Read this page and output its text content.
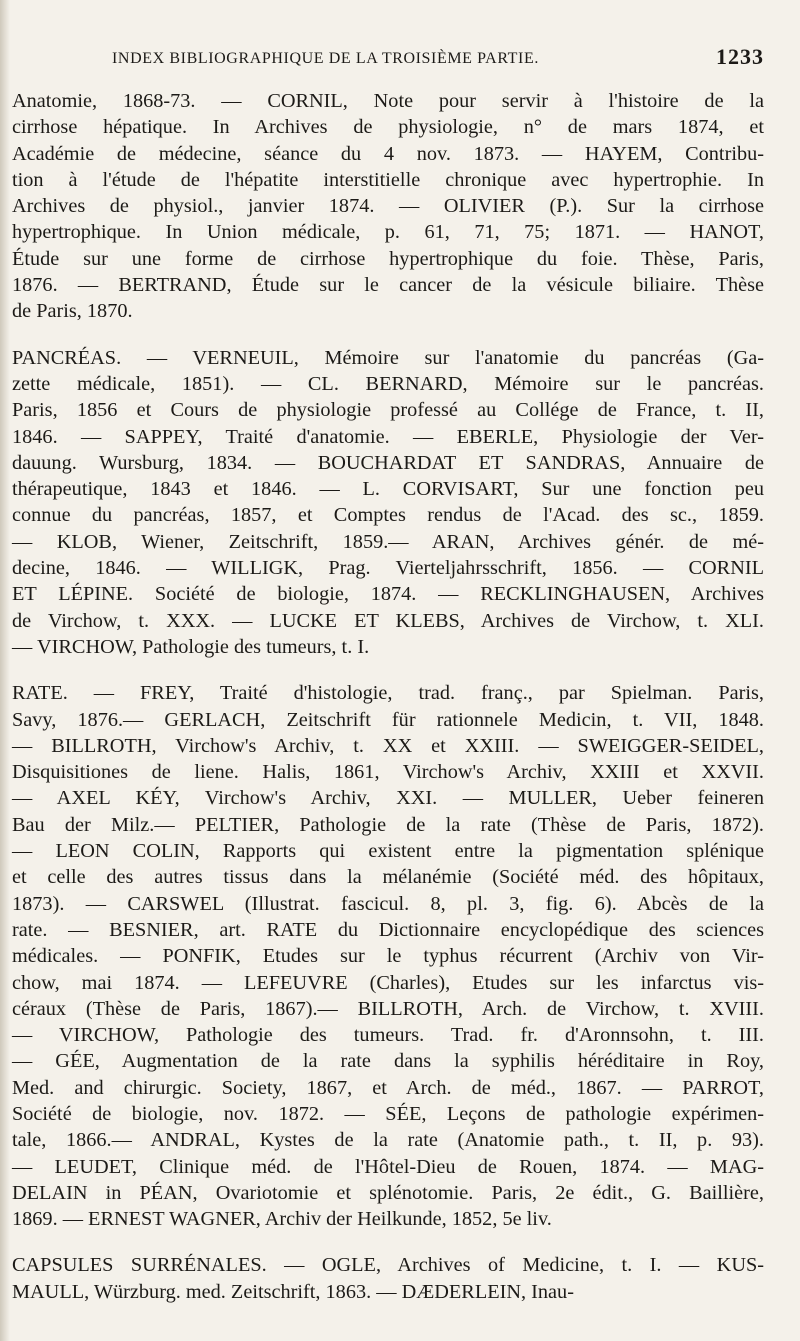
INDEX BIBLIOGRAPHIQUE DE LA TROISIÈME PARTIE.	1233
Anatomie, 1868-73. — CORNIL, Note pour servir à l'histoire de la
cirrhose hépatique. In Archives de physiologie, n° de mars 1874, et
Académie de médecine, séance du 4 nov. 1873. — HAYEM, Contribu-
tion à l'étude de l'hépatite interstitielle chronique avec hypertrophie. In
Archives de physiol., janvier 1874. — OLIVIER (P.). Sur la cirrhose
hypertrophique. In Union médicale, p. 61, 71, 75; 1871. — HANOT,
Étude sur une forme de cirrhose hypertrophique du foie. Thèse, Paris,
1876. — BERTRAND, Étude sur le cancer de la vésicule biliaire. Thèse
de Paris, 1870.
PANCRÉAS. — VERNEUIL, Mémoire sur l'anatomie du pancréas (Ga-
zette médicale, 1851). — CL. BERNARD, Mémoire sur le pancréas.
Paris, 1856 et Cours de physiologie professé au Collége de France, t. II,
1846. — SAPPEY, Traité d'anatomie. — EBERLE, Physiologie der Ver-
dauung. Wursburg, 1834. — BOUCHARDAT ET SANDRAS, Annuaire de
thérapeutique, 1843 et 1846. — L. CORVISART, Sur une fonction peu
connue du pancréas, 1857, et Comptes rendus de l'Acad. des sc., 1859.
— KLOB, Wiener, Zeitschrift, 1859.— ARAN, Archives génér. de mé-
decine, 1846. — WILLIGK, Prag. Vierteljahrsschrift, 1856. — CORNIL
ET LÉPINE. Société de biologie, 1874. — RECKLINGHAUSEN, Archives
de Virchow, t. XXX. — LUCKE ET KLEBS, Archives de Virchow, t. XLI.
— VIRCHOW, Pathologie des tumeurs, t. I.
RATE. — FREY, Traité d'histologie, trad. franç., par Spielman. Paris,
Savy, 1876.— GERLACH, Zeitschrift für rationnele Medicin, t. VII, 1848.
— BILLROTH, Virchow's Archiv, t. XX et XXIII. — SWEIGGER-SEIDEL,
Disquisitiones de liene. Halis, 1861, Virchow's Archiv, XXIII et XXVII.
— AXEL KÉY, Virchow's Archiv, XXI. — MULLER, Ueber feineren
Bau der Milz.— PELTIER, Pathologie de la rate (Thèse de Paris, 1872).
— LEON COLIN, Rapports qui existent entre la pigmentation splénique
et celle des autres tissus dans la mélanémie (Société méd. des hôpitaux,
1873). — CARSWEL (Illustrat. fascicul. 8, pl. 3, fig. 6). Abcès de la
rate. — BESNIER, art. RATE du Dictionnaire encyclopédique des sciences
médicales. — PONFIK, Etudes sur le typhus récurrent (Archiv von Vir-
chow, mai 1874. — LEFEUVRE (Charles), Etudes sur les infarctus vis-
céraux (Thèse de Paris, 1867).— BILLROTH, Arch. de Virchow, t. XVIII.
— VIRCHOW, Pathologie des tumeurs. Trad. fr. d'Aronnsohn, t. III.
— GÉE, Augmentation de la rate dans la syphilis héréditaire in Roy,
Med. and chirurgic. Society, 1867, et Arch. de méd., 1867. — PARROT,
Société de biologie, nov. 1872. — SÉE, Leçons de pathologie expérimen-
tale, 1866.— ANDRAL, Kystes de la rate (Anatomie path., t. II, p. 93).
— LEUDET, Clinique méd. de l'Hôtel-Dieu de Rouen, 1874. — MAG-
DELAIN in PÉAN, Ovariotomie et splénotomie. Paris, 2e édit., G. Baillière,
1869. — ERNEST WAGNER, Archiv der Heilkunde, 1852, 5e liv.
CAPSULES SURRÉNALES. — OGLE, Archives of Medicine, t. I. — KUS-
MAULL, Würzburg. med. Zeitschrift, 1863. — DÆDERLEIN, Inau-
